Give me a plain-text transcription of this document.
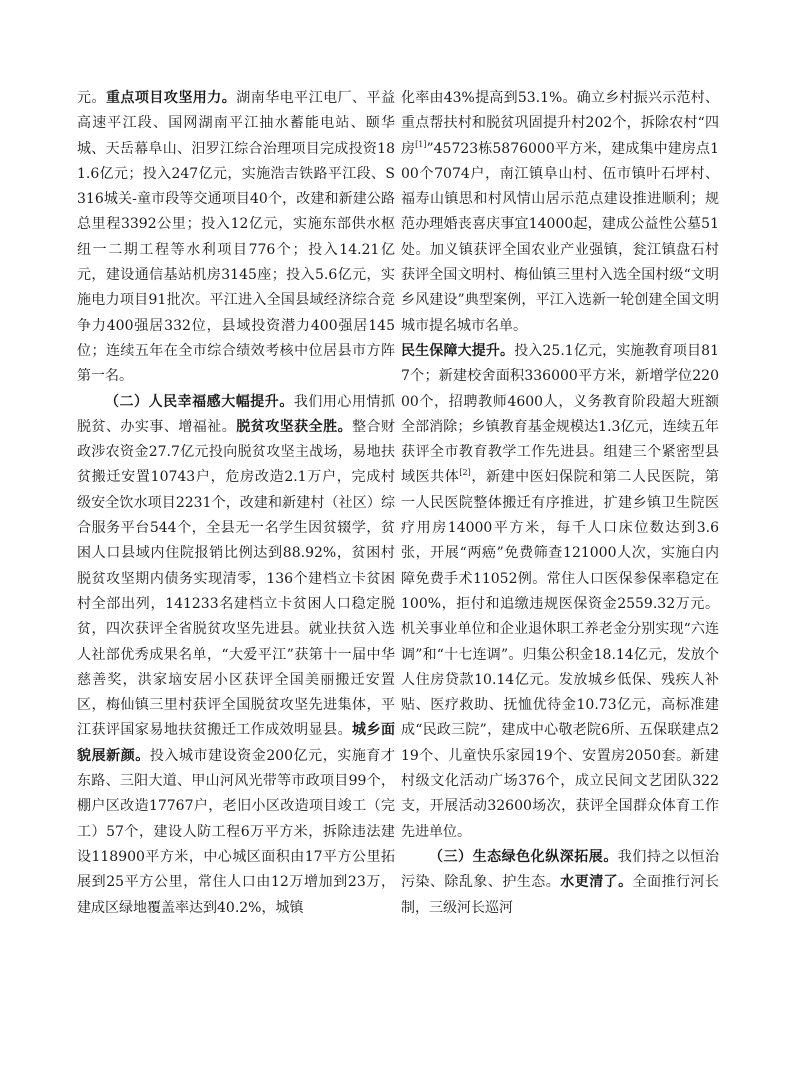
元。重点项目攻坚用力。湖南华电平江电厂、平益高速平江段、国网湖南平江抽水蓄能电站、颐华城、天岳幕阜山、汨罗江综合治理项目完成投资181.6亿元；投入247亿元，实施浩吉铁路平江段、S316城关-童市段等交通项目40个，改建和新建公路总里程3392公里；投入12亿元，实施东部供水枢纽一二期工程等水利项目776个；投入14.21亿元，建设通信基站机房3145座；投入5.6亿元，实施电力项目91批次。平江进入全国县域经济综合竞争力400强居332位，县域投资潜力400强居145位；连续五年在全市综合绩效考核中位居县市方阵第一名。

（二）人民幸福感大幅提升。我们用心用情抓脱贫、办实事、增福祉。脱贫攻坚获全胜。整合财政涉农资金27.7亿元投向脱贫攻坚主战场，易地扶贫搬迁安置10743户，危房改造2.1万户，完成村级安全饮水项目2231个，改建和新建村（社区）综合服务平台544个，全县无一名学生因贫辍学，贫困人口县域内住院报销比例达到88.92%，贫困村脱贫攻坚期内债务实现清零，136个建档立卡贫困村全部出列，141233名建档立卡贫困人口稳定脱贫，四次获评全省脱贫攻坚先进县。就业扶贫入选人社部优秀成果名单，“大爱平江”获第十一届中华慈善奖，洪家垴安居小区获评全国美丽搬迁安置区，梅仙镇三里村获评全国脱贫攻坚先进集体，平江获评国家易地扶贫搬迁工作成效明显县。城乡面貌展新颜。投入城市建设资金200亿元，实施育才东路、三阳大道、甲山河风光带等市政项目99个，棚户区改造17767户，老旧小区改造项目竣工（完工）57个，建设人防工程6万平方米，拆除违法建设118900平方米，中心城区面积由17平方公里拓展到25平方公里，常住人口由12万增加到23万，建成区绿地覆盖率达到40.2%，城镇

化率由43%提高到53.1%。确立乡村振兴示范村、重点帮扶村和脱贫巩固提升村202个，拆除农村“四房[1]”45723栋5876000平方米，建成集中建房点100个7074户，南江镇阜山村、伍市镇叶石坪村、福寿山镇思和村风情山居示范点建设推进顺利；规范办理婚丧喜庆事宜14000起，建成公益性公墓51处。加义镇获评全国农业产业强镇，瓮江镇盘石村获评全国文明村、梅仙镇三里村入选全国村级“文明乡风建设”典型案例，平江入选新一轮创建全国文明城市提名城市名单。

民生保障大提升。投入25.1亿元，实施教育项目817个；新建校舍面积336000平方米，新增学位22000个，招聘教师4600人，义务教育阶段超大班额全部消除；乡镇教育基金规模达1.3亿元，连续五年获评全市教育教学工作先进县。组建三个紧密型县域医共体[2]，新建中医妇保院和第二人民医院，第一人民医院整体搬迁有序推进，扩建乡镇卫生院医疗用房14000平方米，每千人口床位数达到3.6张，开展“两癌”免费筛查121000人次，实施白内障免费手术11052例。常住人口医保参保率稳定在100%，拒付和追缴违规医保资金2559.32万元。机关事业单位和企业退休职工养老金分别实现“六连调”和“十七连调”。归集公积金18.14亿元，发放个人住房贷款10.14亿元。发放城乡低保、残疾人补贴、医疗救助、抚恤优待金10.73亿元，高标准建成“民政三院”，建成中心敬老院6所、五保联建点219个、儿童快乐家园19个、安置房2050套。新建村级文化活动广场376个，成立民间文艺团队322支，开展活动32600场次，获评全国群众体育工作先进单位。

（三）生态绿色化纵深拓展。我们持之以恒治污染、除乱象、护生态。水更清了。全面推行河长制，三级河长巡河
